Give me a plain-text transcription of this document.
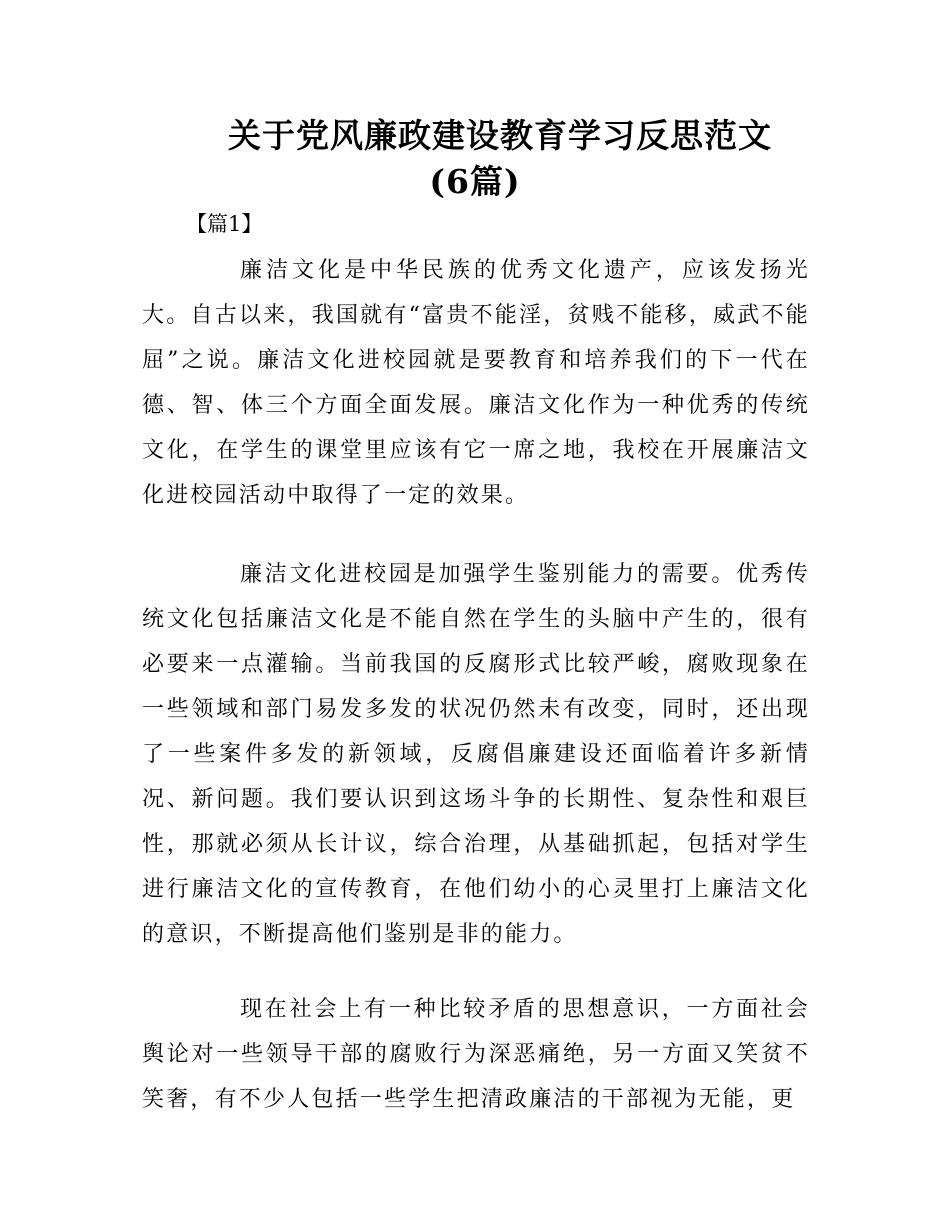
关于党风廉政建设教育学习反思范文
(6篇)

【篇1】

廉洁文化是中华民族的优秀文化遗产，应该发扬光大。自古以来，我国就有“富贵不能淫，贫贱不能移，威武不能屈”之说。廉洁文化进校园就是要教育和培养我们的下一代在德、智、体三个方面全面发展。廉洁文化作为一种优秀的传统文化，在学生的课堂里应该有它一席之地，我校在开展廉洁文化进校园活动中取得了一定的效果。

廉洁文化进校园是加强学生鉴别能力的需要。优秀传统文化包括廉洁文化是不能自然在学生的头脑中产生的，很有必要来一点灌输。当前我国的反腐形式比较严峻，腐败现象在一些领域和部门易发多发的状况仍然未有改变，同时，还出现了一些案件多发的新领域，反腐倡廉建设还面临着许多新情况、新问题。我们要认识到这场斗争的长期性、复杂性和艰巨性，那就必须从长计议，综合治理，从基础抓起，包括对学生进行廉洁文化的宣传教育，在他们幼小的心灵里打上廉洁文化的意识，不断提高他们鉴别是非的能力。

现在社会上有一种比较矛盾的思想意识，一方面社会舆论对一些领导干部的腐败行为深恶痛绝，另一方面又笑贫不笑奢，有不少人包括一些学生把清政廉洁的干部视为无能，更
